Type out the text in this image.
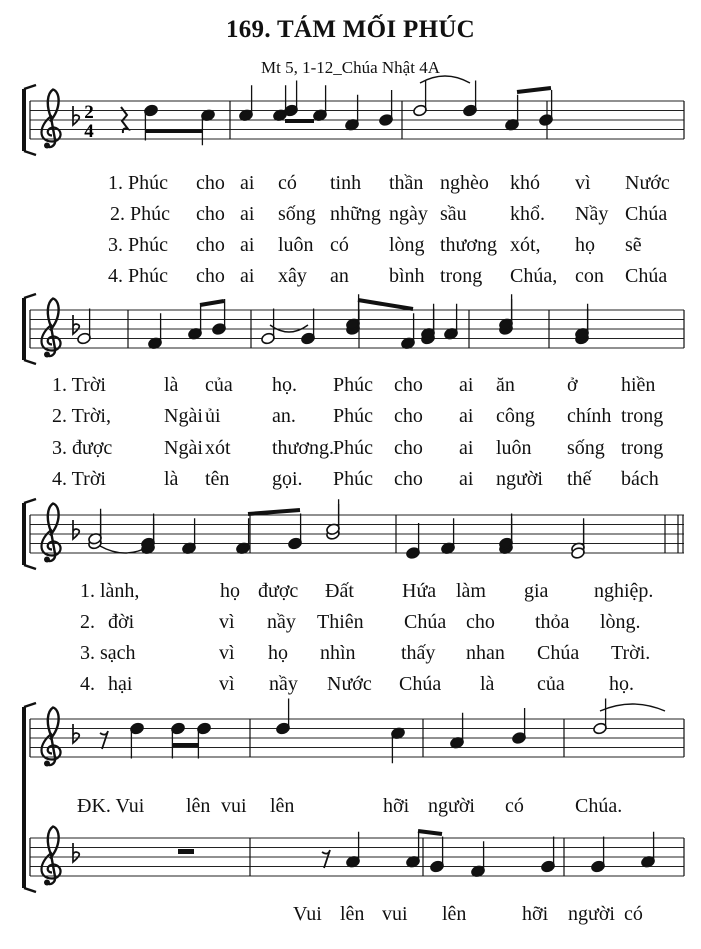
169. TÁM MỐI PHÚC
Mt 5, 1-12_Chúa Nhật 4A
2
4
1. Phúc cho ai có tinh thần nghèo khó vì Nước
2. Phúc cho ai sống những ngày sầu khổ. Nầy Chúa
3. Phúc cho ai luôn có lòng thương xót, họ sẽ
4. Phúc cho ai xây an bình trong Chúa, con Chúa
1. Trời	là của họ. Phúc cho ai ăn	ở hiền
2. Trời,	Ngài ủi	an. Phúc cho ai công chính trong
3. được	Ngài xót thương. Phúc cho ai luôn sống trong
4. Trời	là tên gọi. Phúc cho ai người thế bách
1. lành,	họ được Đất Hứa làm gia nghiệp.
2. đời	vì nầy Thiên Chúa cho thỏa lòng.
3. sạch	vì họ nhìn thấy nhan Chúa Trời.
4. hại	vì nầy Nước Chúa là của họ.
ĐK. Vui lên vui lên	hỡi người có	Chúa.
Vui lên vui lên	hỡi người có
